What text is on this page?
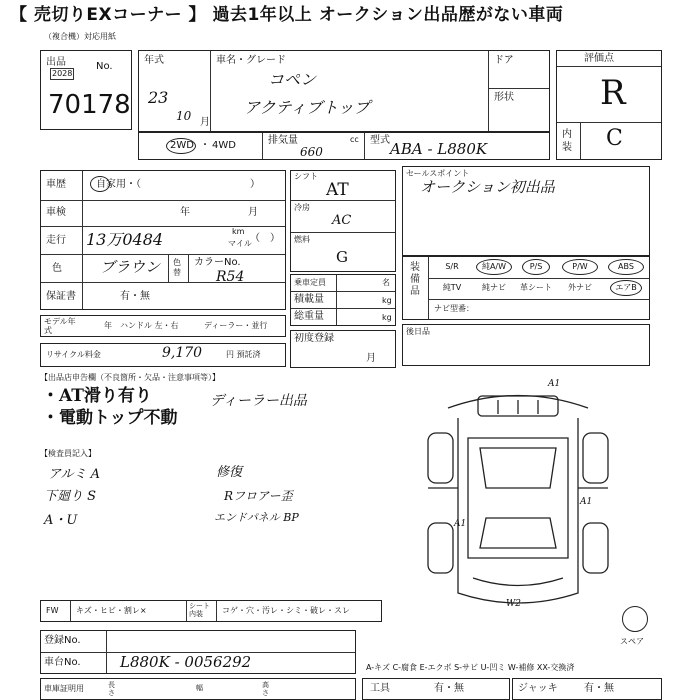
【 売切りEXコーナー 】 過去1年以上 オークション出品歴がない車両
（複合機）対応用紙
出品
2028
No.
70178
年式
23
10 月
車名・グレード
コペン
アクティブトップ
ドア
形状
評価点
R
内装 C
2WD ・ 4WD	排気量	cc
660
型式 ABA - L880K
車歴	自家用・（	）
車検	年	月
走行 13万0484	km
マイル
（　）
色	ブラウン 色替
カラーNo.
R54
保証書	有・無
モデル年式
年 ハンドル 左・右	ディーラー・並行
リサイクル料金	9,170	円 預託済
シフト
AT
冷房
AC
燃料
G
乗車定員	名
積載量	kg
総重量	kg
初度登録
月
セールスポイント
オークション初出品
装備品
S/R	純A/W	P/S	P/W	ABS
純TV	純ナビ	革シート	外ナビ	エアB
ナビ型番：
後日品
【出品店申告欄（不良箇所・欠品・注意事項等）】
・AT滑り有り
・電動トップ不動
ディーラー出品
【検査員記入】
アルミ A
下廻り S
A・U
修復
Rフロアー歪
エンドパネル BP
A1
A1
A1
W2
スペア
FW キズ・ヒビ・割レ×	シート内装	コゲ・穴・汚レ・シミ・破レ・スレ
登録No.
車台No.	L880K - 0056292	A-キズ C-腐食 E-エクボ S-サビ U-凹ミ W-補修 XX-交換済
車庫証明用	長さ
幅	高さ	工具	有・無	ジャッキ	有・無
